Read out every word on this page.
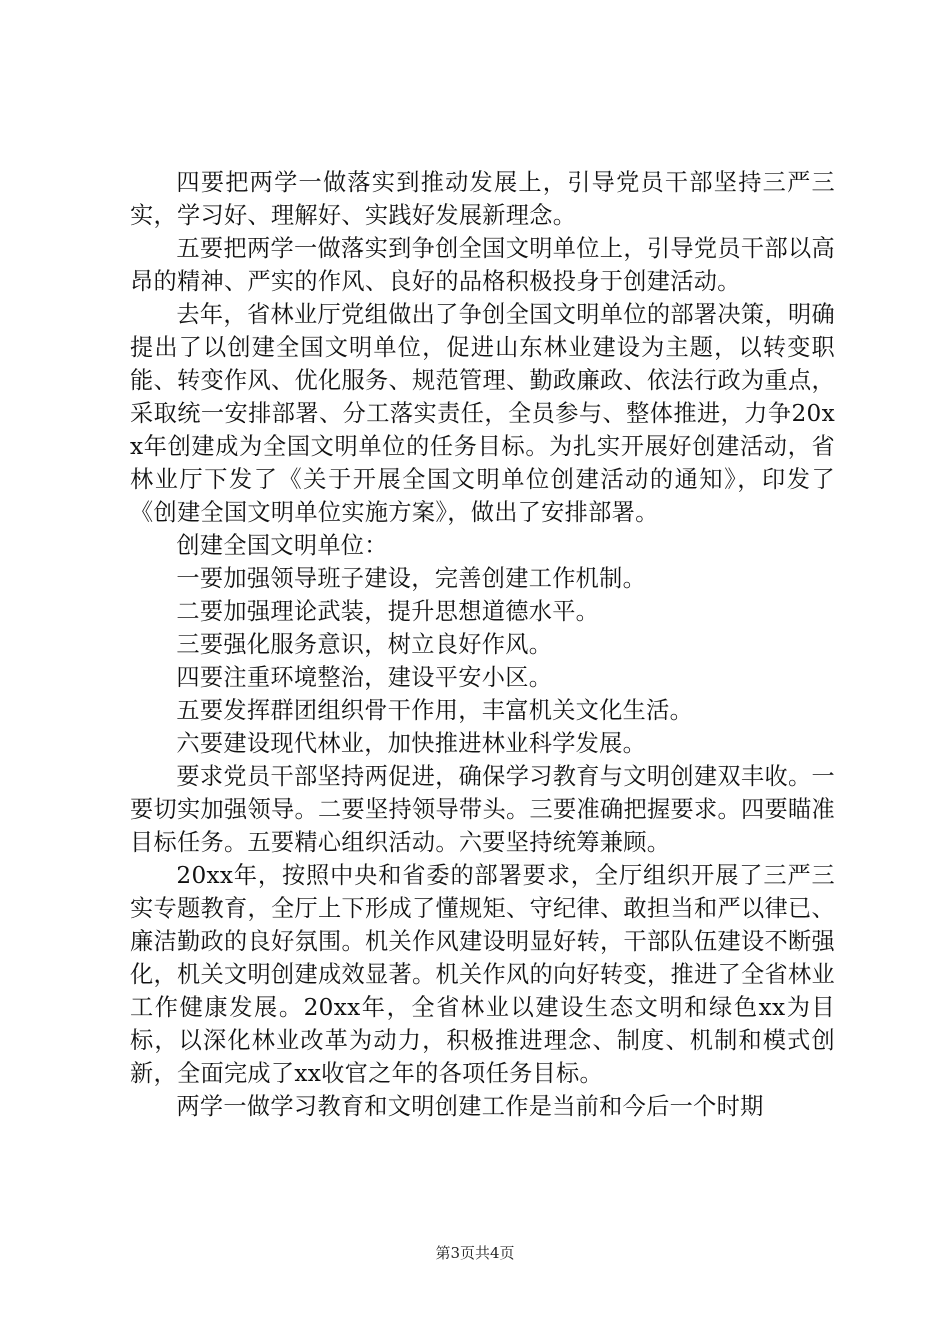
四要把两学一做落实到推动发展上，引导党员干部坚持三严三实，学习好、理解好、实践好发展新理念。

五要把两学一做落实到争创全国文明单位上，引导党员干部以高昂的精神、严实的作风、良好的品格积极投身于创建活动。

去年，省林业厅党组做出了争创全国文明单位的部署决策，明确提出了以创建全国文明单位，促进山东林业建设为主题，以转变职能、转变作风、优化服务、规范管理、勤政廉政、依法行政为重点，采取统一安排部署、分工落实责任，全员参与、整体推进，力争20xx年创建成为全国文明单位的任务目标。为扎实开展好创建活动，省林业厅下发了《关于开展全国文明单位创建活动的通知》，印发了《创建全国文明单位实施方案》，做出了安排部署。

创建全国文明单位：

一要加强领导班子建设，完善创建工作机制。

二要加强理论武装，提升思想道德水平。

三要强化服务意识，树立良好作风。

四要注重环境整治，建设平安小区。

五要发挥群团组织骨干作用，丰富机关文化生活。

六要建设现代林业，加快推进林业科学发展。

要求党员干部坚持两促进，确保学习教育与文明创建双丰收。一要切实加强领导。二要坚持领导带头。三要准确把握要求。四要瞄准目标任务。五要精心组织活动。六要坚持统筹兼顾。

20xx年，按照中央和省委的部署要求，全厅组织开展了三严三实专题教育，全厅上下形成了懂规矩、守纪律、敢担当和严以律已、廉洁勤政的良好氛围。机关作风建设明显好转，干部队伍建设不断强化，机关文明创建成效显著。机关作风的向好转变，推进了全省林业工作健康发展。20xx年，全省林业以建设生态文明和绿色xx为目标，以深化林业改革为动力，积极推进理念、制度、机制和模式创新，全面完成了xx收官之年的各项任务目标。

两学一做学习教育和文明创建工作是当前和今后一个时期

第3页共4页
